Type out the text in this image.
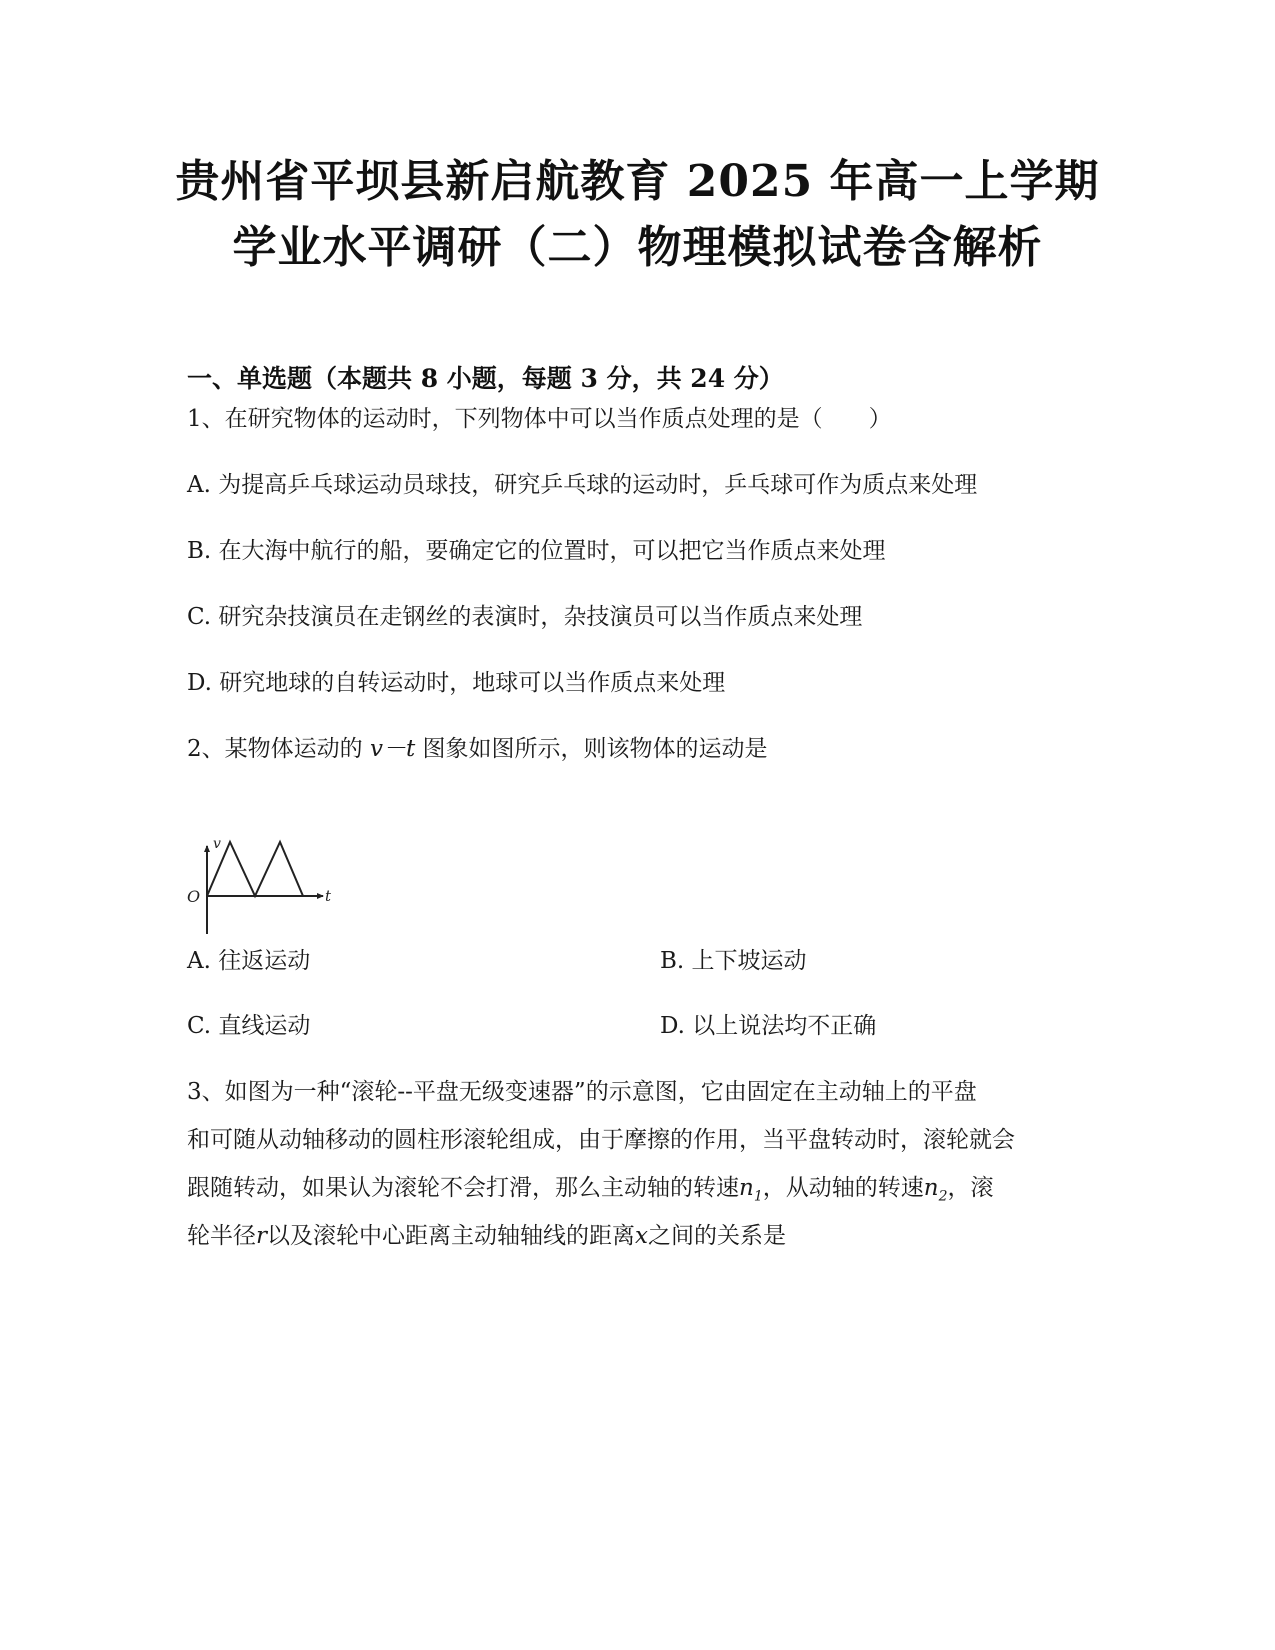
贵州省平坝县新启航教育 2025 年高一上学期
学业水平调研（二）物理模拟试卷含解析
一、单选题（本题共 8 小题，每题 3 分，共 24 分）
1、在研究物体的运动时，下列物体中可以当作质点处理的是（　　）
A. 为提高乒乓球运动员球技，研究乒乓球的运动时，乒乓球可作为质点来处理
B. 在大海中航行的船，要确定它的位置时，可以把它当作质点来处理
C. 研究杂技演员在走钢丝的表演时，杂技演员可以当作质点来处理
D. 研究地球的自转运动时，地球可以当作质点来处理
2、某物体运动的 v－t 图象如图所示，则该物体的运动是
v
t
O
A. 往返运动	B. 上下坡运动
C. 直线运动	D. 以上说法均不正确
3、如图为一种“滚轮--平盘无级变速器”的示意图，它由固定在主动轴上的平盘
和可随从动轴移动的圆柱形滚轮组成，由于摩擦的作用，当平盘转动时，滚轮就会
跟随转动，如果认为滚轮不会打滑，那么主动轴的转速$n_1$，从动轴的转速$n_2$，滚
轮半径r以及滚轮中心距离主动轴轴线的距离x之间的关系是
